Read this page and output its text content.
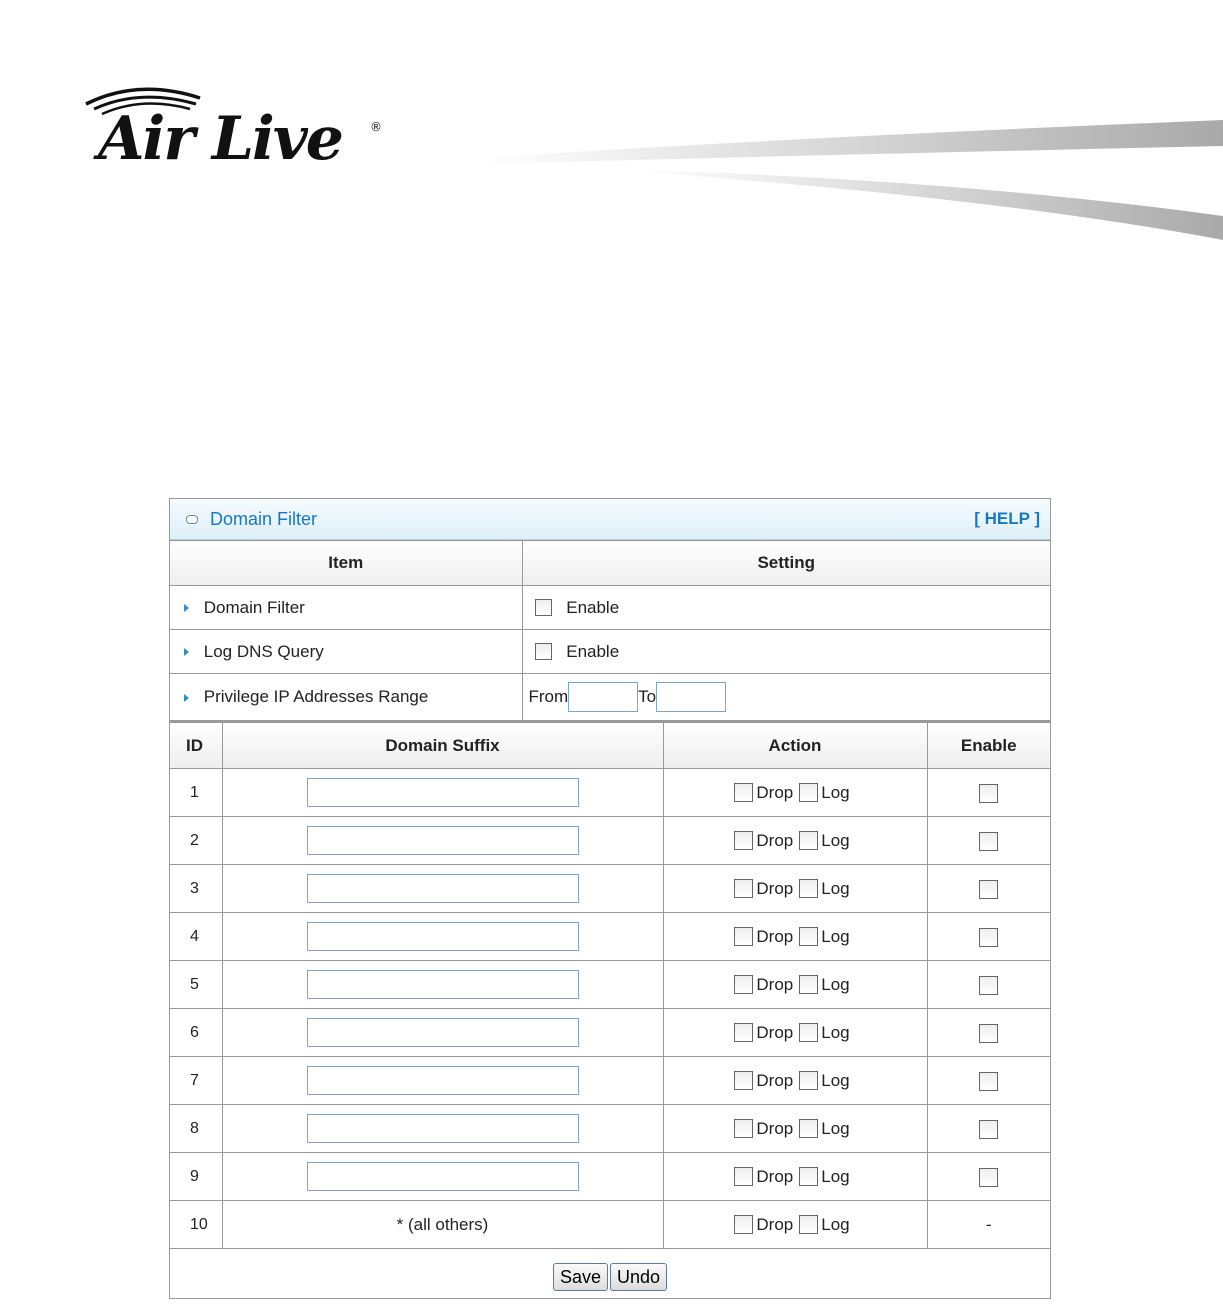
Air Live ®
Domain Filter	[ HELP ]
Item	Setting
Domain Filter	Enable
Log DNS Query	Enable
Privilege IP Addresses Range	From To
ID	Domain Suffix	Action	Enable
1		Drop Log	
2		Drop Log	
3		Drop Log	
4		Drop Log	
5		Drop Log	
6		Drop Log	
7		Drop Log	
8		Drop Log	
9		Drop Log	
10	* (all others)	Drop Log	-
Save Undo			
